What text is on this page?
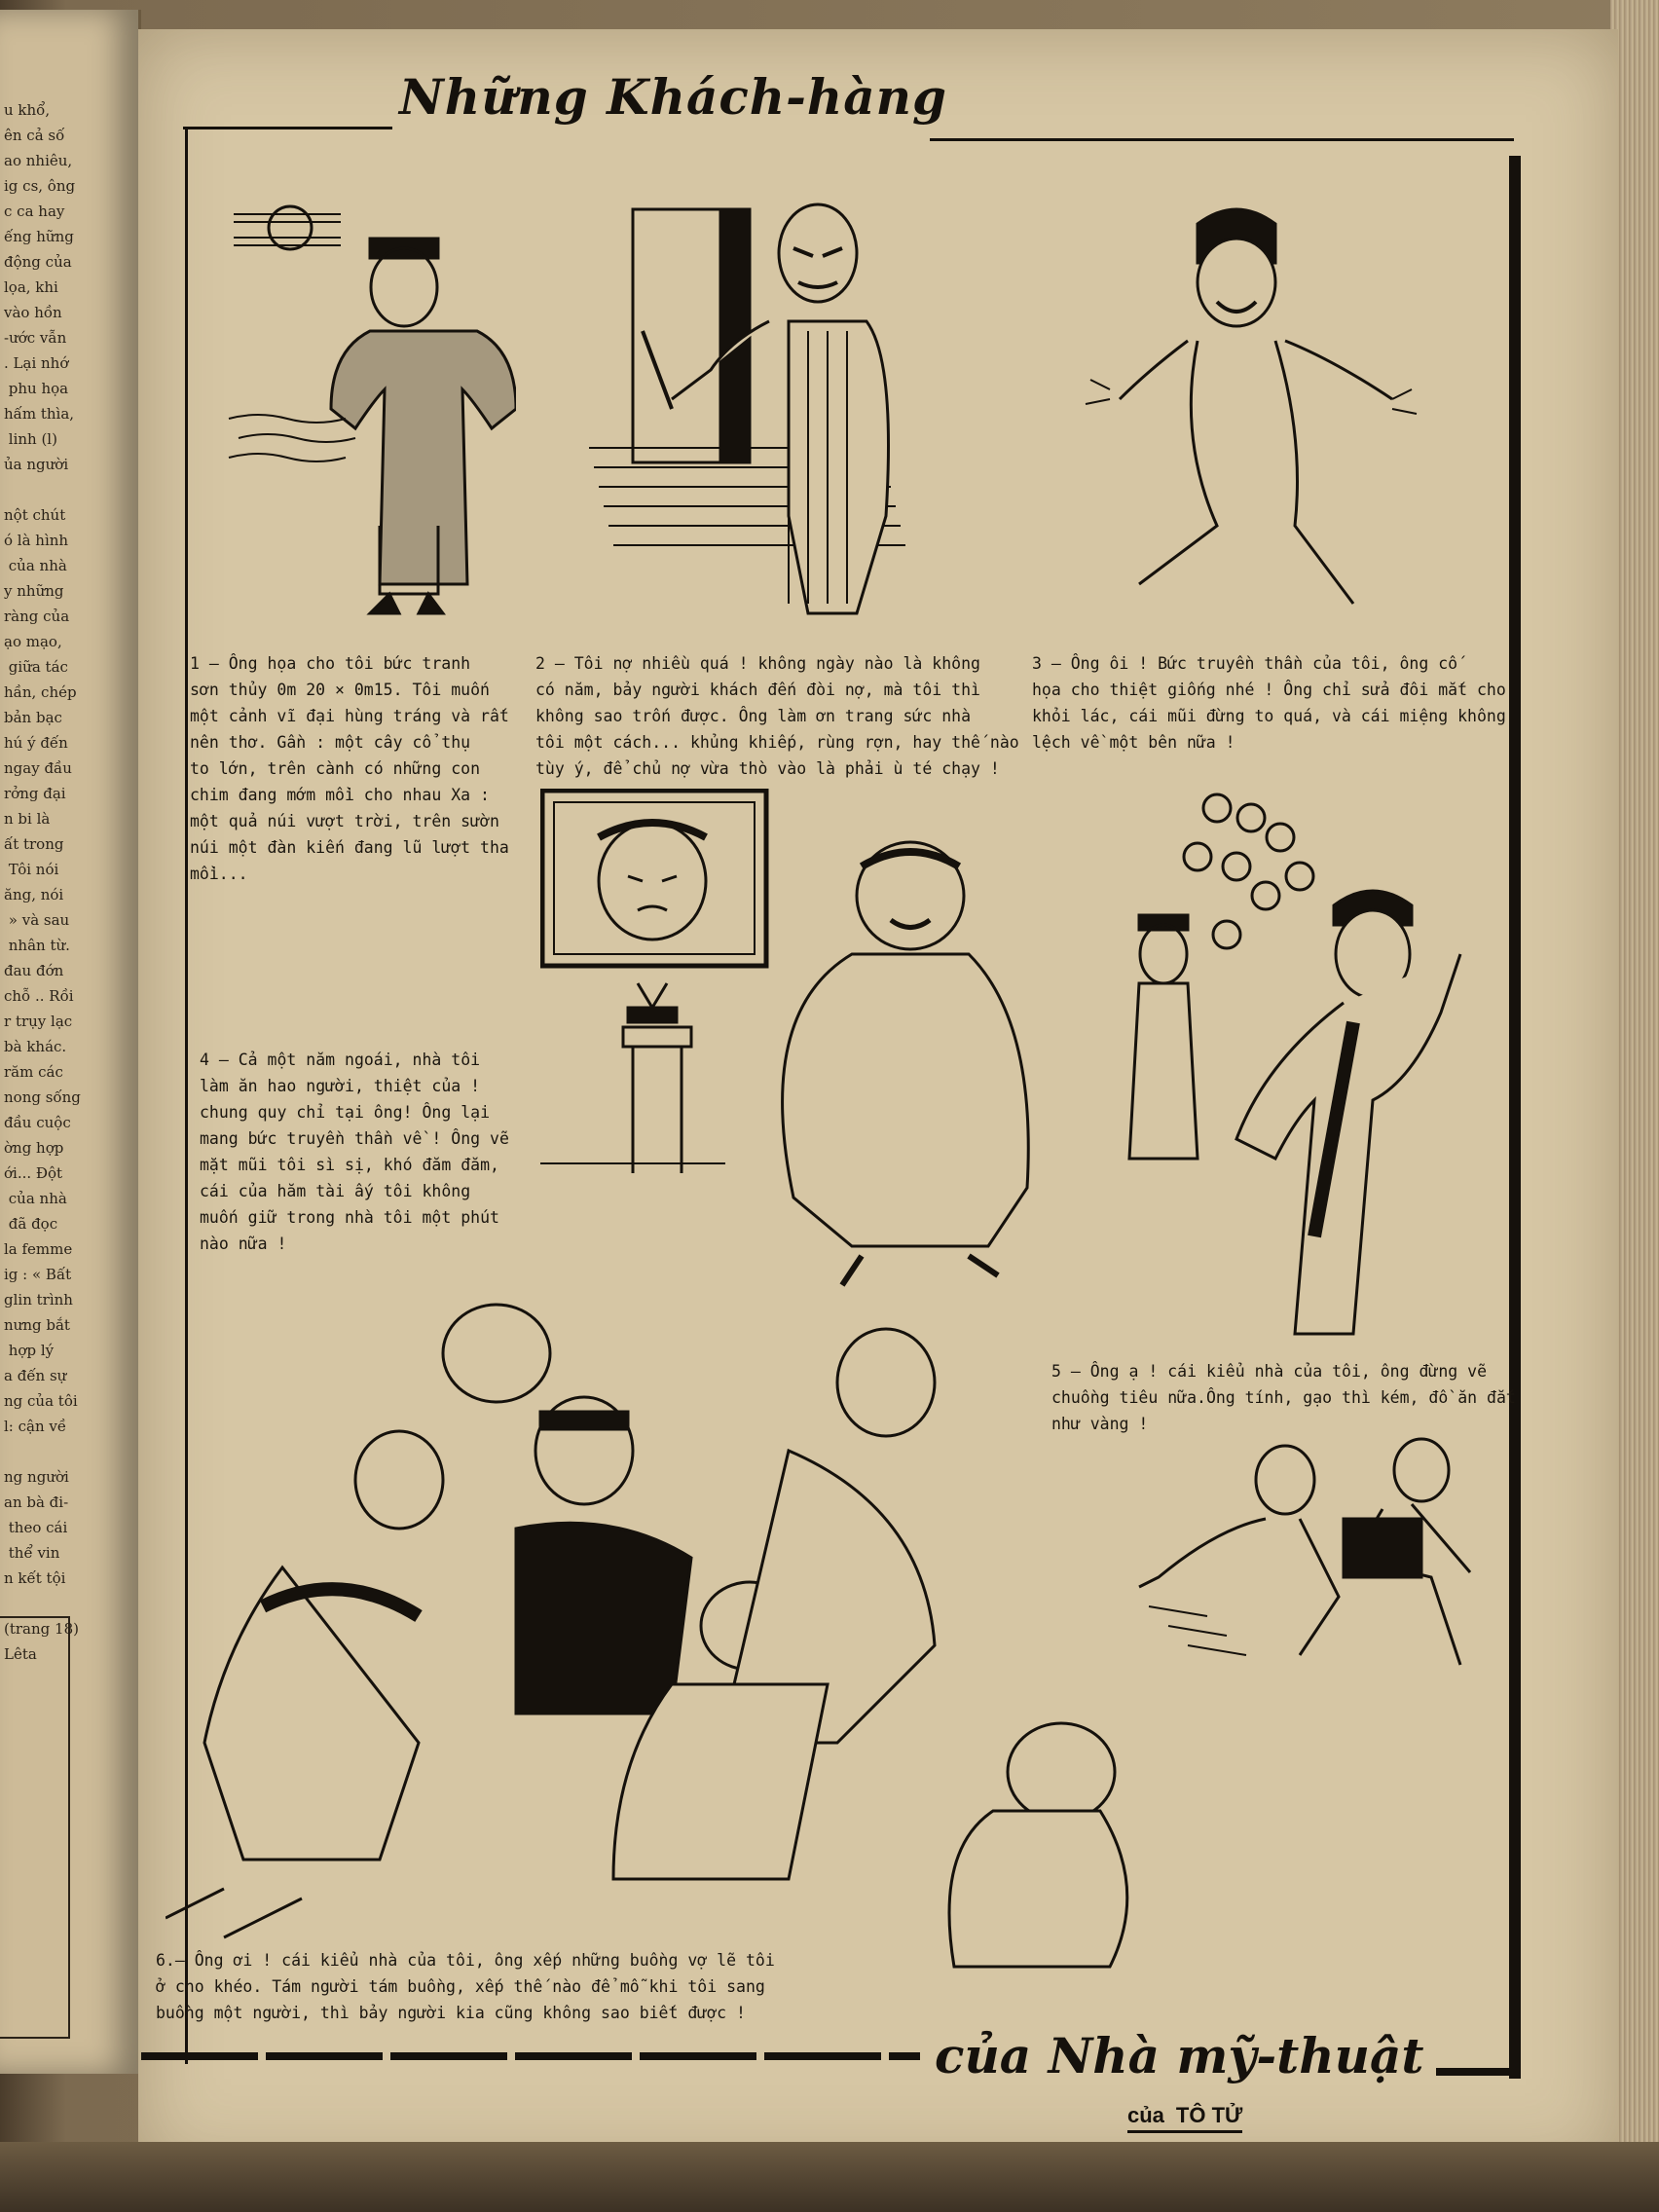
u khổ,
ên cả số
ao nhiêu,
ig cs, ông
c ca hay
ếng hững
động của
lọa, khi
vào hồn
-ước vẫn
. Lại nhớ
phu họa
hấm thìa,
linh (l)
ủa người

nột chút
ó là hình
của nhà
y những
ràng của
ạo mạo,
giữa tác
hần, chép
bản bạc
hú ý đến
ngay đầu
rởng đại
n bi là
ất trong
Tôi nói
ăng, nói
» và sau
nhân từ.
đau đớn
chỗ .. Rồi
r trụy lạc
bà khác.
răm các
nong sống
đầu cuộc
ờng hợp
ới... Đột
của nhà
đã đọc
la femme
ig : « Bất
glin trình
nưng bắt
hợp lý
a đến sự
ng của tôi
l: cận về

ng người
an bà đi-
theo cái
thể vin
n kết tội

(trang 18)
Lêta
Những Khách-hàng
1 — Ông họa cho tôi bức tranh
sơn thủy 0m 20 × 0m15. Tôi muốn
một cảnh vĩ đại hùng tráng và rất
nên thơ. Gần : một cây cổ thụ
to lớn, trên cành có những con
chim đang mớm mồi cho nhau Xa :
một quả núi vượt trời, trên sườn
núi một đàn kiến đang lũ lượt tha
mồi...
2 — Tôi nợ nhiều quá ! không ngày nào là không
có năm, bảy người khách đến đòi nợ, mà tôi thì
không sao trốn được. Ông làm ơn trang sức nhà
tôi một cách... khủng khiếp, rùng rợn, hay thế nào
tùy ý, để chủ nợ vừa thò vào là phải ù té chạy !
3 — Ông ôi ! Bức truyền thần của tôi, ông cố
họa cho thiệt giống nhé ! Ông chỉ sửa đôi mắt cho
khỏi lác, cái mũi đừng to quá, và cái miệng không
lệch về một bên nữa !
4 — Cả một năm ngoái, nhà tôi
làm ăn hao người, thiệt của !
chung quy chỉ tại ông! Ông lại
mang bức truyền thần về ! Ông vẽ
mặt mũi tôi sì sị, khó đăm đăm,
cái của hăm tài ấy tôi không
muốn giữ trong nhà tôi một phút
nào nữa !
5 — Ông ạ ! cái kiểu nhà của tôi, ông đừng vẽ
chuồng tiêu nữa.Ông tính, gạo thì kém, đồ ăn đắt
như vàng !
6.— Ông ơi ! cái kiểu nhà của tôi, ông xếp những buồng vợ lẽ tôi
ở cho khéo. Tám người tám buồng, xếp thế nào để mỗ khi tôi sang
buồng một người, thì bảy người kia cũng không sao biết được !
của Nhà mỹ-thuật
của TÔ TỬ
